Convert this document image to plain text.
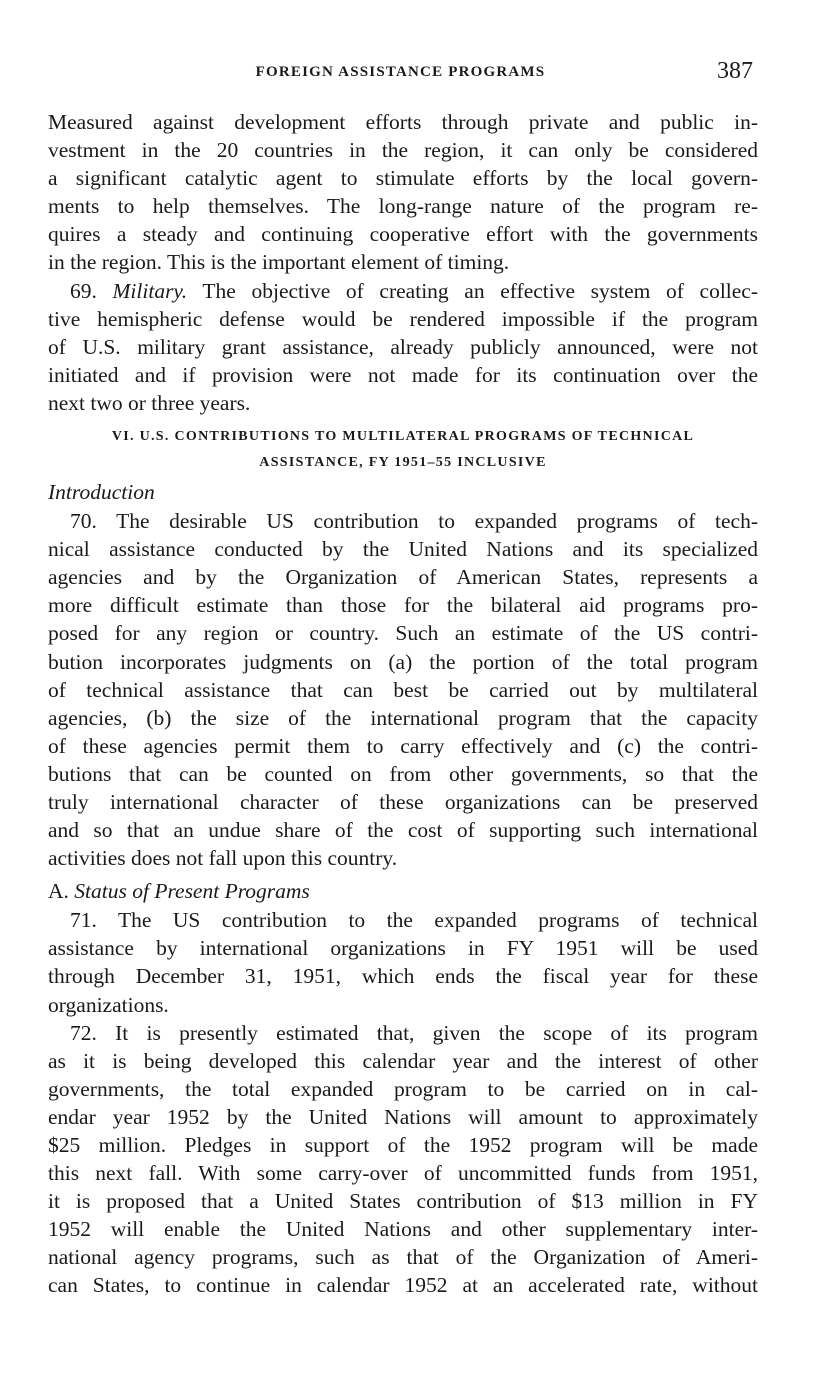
FOREIGN ASSISTANCE PROGRAMS	387
Measured against development efforts through private and public in-
vestment in the 20 countries in the region, it can only be considered
a significant catalytic agent to stimulate efforts by the local govern-
ments to help themselves. The long-range nature of the program re-
quires a steady and continuing cooperative effort with the governments
in the region. This is the important element of timing.
69. Military. The objective of creating an effective system of collec-
tive hemispheric defense would be rendered impossible if the program
of U.S. military grant assistance, already publicly announced, were not
initiated and if provision were not made for its continuation over the
next two or three years.
VI. U.S. CONTRIBUTIONS TO MULTILATERAL PROGRAMS OF TECHNICAL
ASSISTANCE, FY 1951–55 INCLUSIVE
Introduction
70. The desirable US contribution to expanded programs of tech-
nical assistance conducted by the United Nations and its specialized
agencies and by the Organization of American States, represents a
more difficult estimate than those for the bilateral aid programs pro-
posed for any region or country. Such an estimate of the US contri-
bution incorporates judgments on (a) the portion of the total program
of technical assistance that can best be carried out by multilateral
agencies, (b) the size of the international program that the capacity
of these agencies permit them to carry effectively and (c) the contri-
butions that can be counted on from other governments, so that the
truly international character of these organizations can be preserved
and so that an undue share of the cost of supporting such international
activities does not fall upon this country.
A. Status of Present Programs
71. The US contribution to the expanded programs of technical
assistance by international organizations in FY 1951 will be used
through December 31, 1951, which ends the fiscal year for these
organizations.
72. It is presently estimated that, given the scope of its program
as it is being developed this calendar year and the interest of other
governments, the total expanded program to be carried on in cal-
endar year 1952 by the United Nations will amount to approximately
$25 million. Pledges in support of the 1952 program will be made
this next fall. With some carry-over of uncommitted funds from 1951,
it is proposed that a United States contribution of $13 million in FY
1952 will enable the United Nations and other supplementary inter-
national agency programs, such as that of the Organization of Ameri-
can States, to continue in calendar 1952 at an accelerated rate, without
